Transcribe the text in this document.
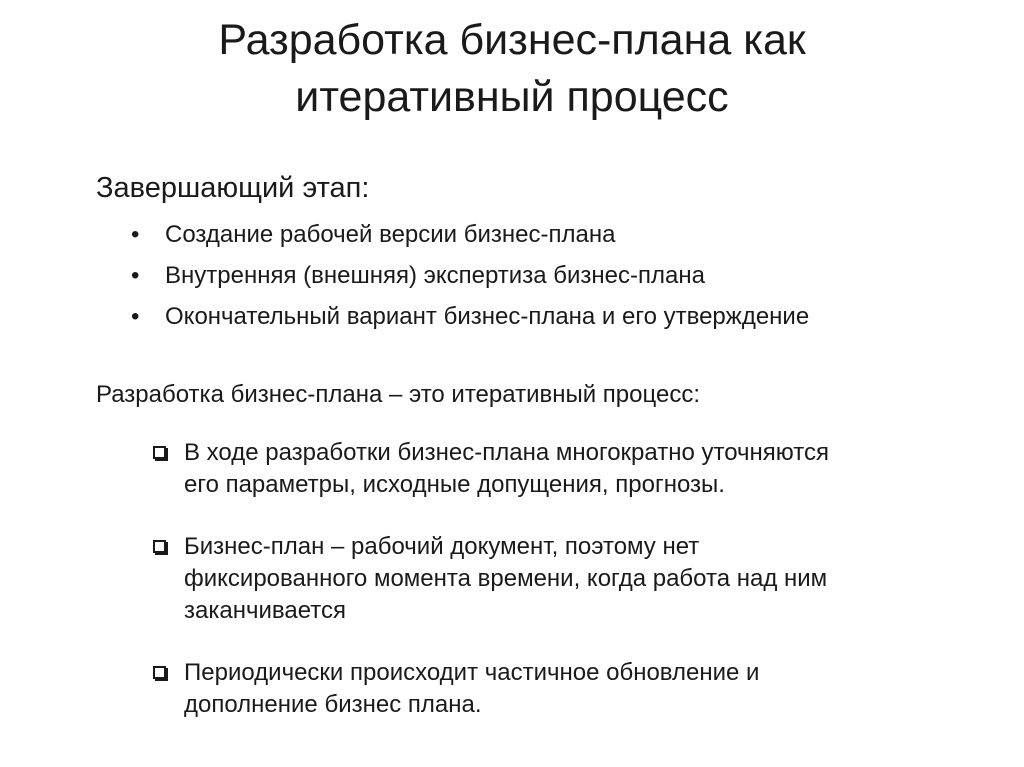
Разработка бизнес-плана как
итеративный процесс
Завершающий этап:
• Создание рабочей версии бизнес-плана
• Внутренняя (внешняя) экспертиза бизнес-плана
• Окончательный вариант бизнес-плана и его утверждение
Разработка бизнес-плана – это итеративный процесс:
В ходе разработки бизнес-плана многократно уточняются
его параметры, исходные допущения, прогнозы.
Бизнес-план – рабочий документ, поэтому нет
фиксированного момента времени, когда работа над ним
заканчивается
Периодически происходит частичное обновление и
дополнение бизнес плана.
